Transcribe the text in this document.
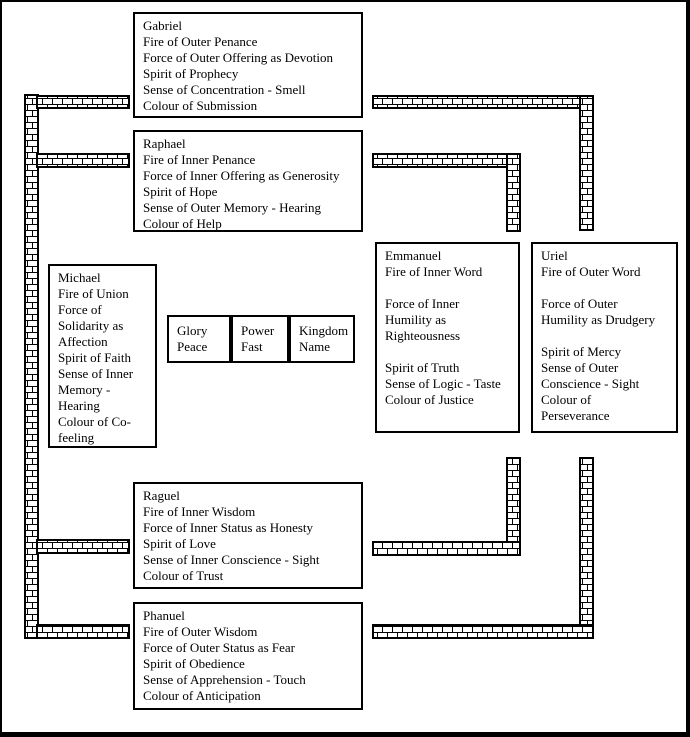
Gabriel
Fire of Outer Penance
Force of Outer Offering as Devotion
Spirit of Prophecy
Sense of Concentration - Smell
Colour of Submission
Raphael
Fire of Inner Penance
Force of Inner Offering as Generosity
Spirit of Hope
Sense of Outer Memory - Hearing
Colour of Help
Michael
Fire of Union
Force of
Solidarity as
Affection
Spirit of Faith
Sense of Inner
Memory -
Hearing
Colour of Co-
feeling
Emmanuel
Fire of Inner Word

Force of Inner
Humility as
Righteousness

Spirit of Truth
Sense of Logic - Taste
Colour of Justice
Uriel
Fire of Outer Word

Force of Outer
Humility as Drudgery

Spirit of Mercy
Sense of Outer
Conscience - Sight
Colour of
Perseverance
Raguel
Fire of Inner Wisdom
Force of Inner Status as Honesty
Spirit of Love
Sense of Inner Conscience - Sight
Colour of Trust
Phanuel
Fire of Outer Wisdom
Force of Outer Status as Fear
Spirit of Obedience
Sense of Apprehension - Touch
Colour of Anticipation
Glory
Peace
Power
Fast
Kingdom
Name
